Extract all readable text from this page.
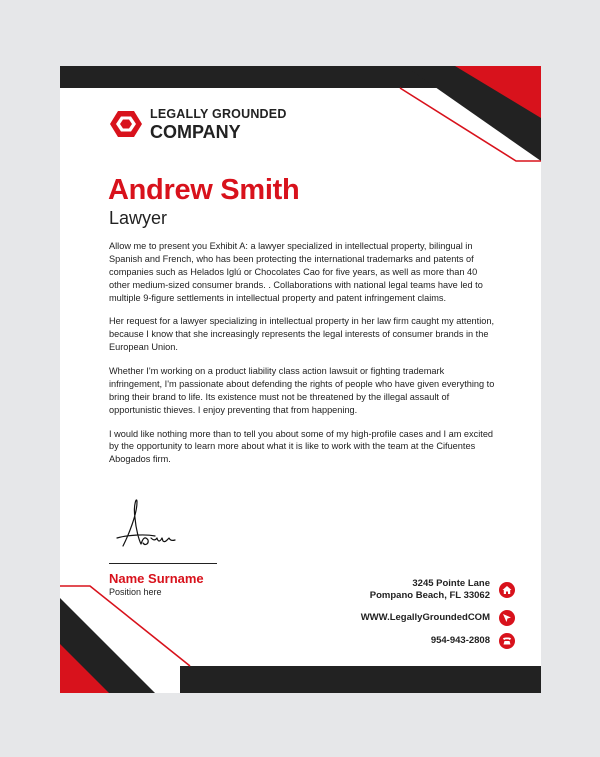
LEGALLY GROUNDED
COMPANY
Andrew Smith
Lawyer

Allow me to present you Exhibit A: a lawyer specialized in intellectual property, bilingual in Spanish and French, who has been protecting the international trademarks and patents of companies such as Helados Iglú or Chocolates Cao for five years, as well as more than 40 other medium-sized consumer brands. . Collaborations with national legal teams have led to multiple 9-figure settlements in intellectual property and patent infringement claims.

Her request for a lawyer specializing in intellectual property in her law firm caught my attention, because I know that she increasingly represents the legal interests of consumer brands in the European Union.

Whether I'm working on a product liability class action lawsuit or fighting trademark infringement, I'm passionate about defending the rights of people who have given everything to bring their brand to life. Its existence must not be threatened by the illegal assault of opportunistic thieves. I enjoy preventing that from happening.

I would like nothing more than to tell you about some of my high-profile cases and I am excited by the opportunity to learn more about what it is like to work with the team at the Cifuentes Abogados firm.

Name Surname
Position here
3245 Pointe Lane
Pompano Beach, FL 33062
WWW.LegallyGroundedCOM
954-943-2808
